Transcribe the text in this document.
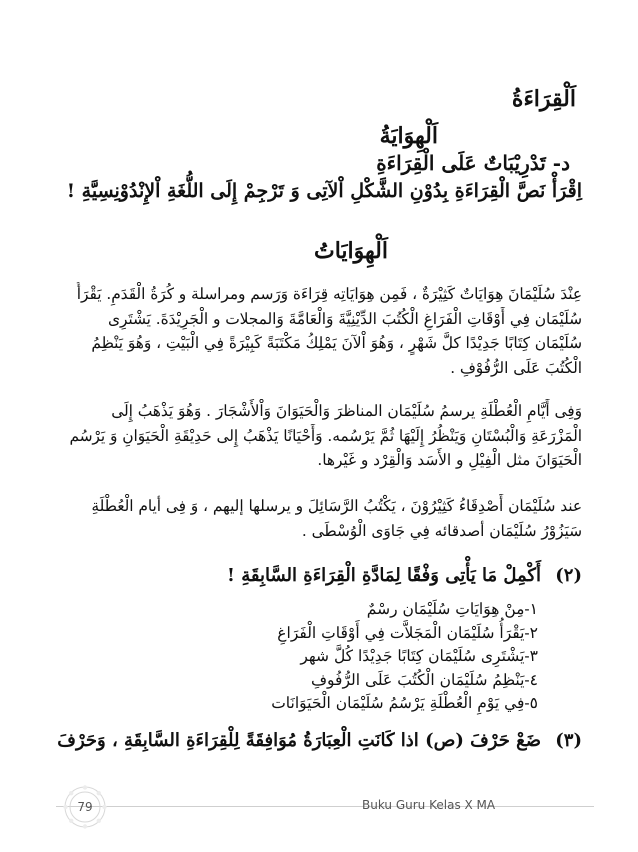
اَلْقِرَاءَةُ
اَلْهِوَايَةُ
د- تَدْرِيْبَاتٌ عَلَى الْقِرَاءَةِ
اِقْرَأْ نَصَّ الْقِرَاءَةِ بِدُوْنِ الشَّكْلِ اْلآتِى وَ تَرْجِمْ إِلَى اللُّغَةِ اْلإِنْدُوْنِسِيَّةِ !
اَلْهِوَايَاتُ
عِنْدَ سُلَيْمَانَ هِوَايَاتٌ كَثِيْرَةٌ ، فَمِن هِوَايَاتِه قِرَاءَة وَرَسم ومراسلة و كُرَةُ الْقَدَمِ. يَقْرَأُ
سُلَيْمَان فِي أَوْقَاتِ الْفَرَاغِ الْكُتُبَ الدِّيْنِيَّةَ وَالْعَامَّةَ وَالمجلات و الْجَرِيْدَةَ. يَشْتَرِى
سُلَيْمَان كِتَابًا جَدِيْدًا كلَّ شَهْرٍ ، وَهُوَ اْلآنَ يَمْلِكُ مَكْتَبَةً كَبِيْرَةً فِي الْبَيْتِ ، وَهُوَ يَنْظِمُ
الْكُتُبَ عَلَى الرُّفُوْفِ .
وَفِى أَيَّامِ الْعُطْلَةِ يرسمُ سُلَيْمَان المناظرَ وَالْحَيَوَانَ وَاْلأَشْجَارَ . وَهُوَ يَذْهَبُ إِلَى
الْمَزْرَعَةِ وَالْبُسْتَانِ وَيَنْظُرُ إِلَيْهَا ثُمَّ يَرْسُمه. وَأَحْيَانًا يَذْهَبُ إِلى حَدِيْقَةِ الْحَيَوَانِ وَ يَرْسُم
الْحَيَوَانَ مثل الْفِيْلِ و الأَسَد وَالْقِرْد و غَيْرها.
عند سُلَيْمَان أَصْدِقَاءُ كَثِيْرُوْنَ ، يَكْتُبُ الرَّسَائِلَ و يرسلها إليهم ، وَ فِى أيام الْعُطْلَةِ
سَيَزُوْرُ سُلَيْمَان أصدقائه فِي جَاوَى الْوُسْطَى .
(٢) أَكْمِلْ مَا يَأْتِى وَفْقًا لِمَادَّةِ الْقِرَاءَةِ السَّابِقَةِ !
١-مِنْ هِوَايَاتِ سُلَيْمَان رسْمٌ
٢-يَقْرَأُ سُلَيْمَان الْمَجَلاَّت فِي أَوْقَاتِ الْفَرَاغِ
٣-يَشْتَرِى سُلَيْمَان كِتَابًا جَدِيْدًا كُلَّ شهر
٤-يَنْظِمُ سُلَيْمَان الْكُتُبَ عَلَى الرُّفُوفِ
٥-فِي يَوْمِ الْعُطْلَةِ يَرْسُمُ سُلَيْمَان الْحَيَوَانَات
(٣) ضَعْ حَرْفَ (ص) اذا كَانَتِ الْعِبَارَةُ مُوَافِقَةً لِلْقِرَاءَةِ السَّابِقَةِ ، وَحَرْفَ
Buku Guru Kelas X MA
79
